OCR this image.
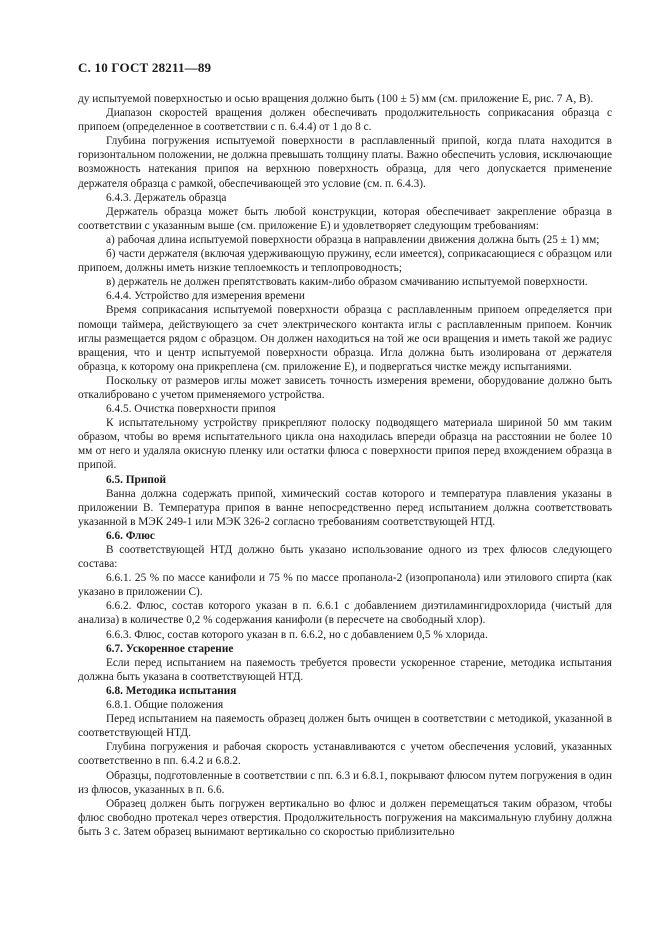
С. 10 ГОСТ 28211—89

ду испытуемой поверхностью и осью вращения должно быть (100 ± 5) мм (см. приложение Е, рис. 7 А, В).

Диапазон скоростей вращения должен обеспечивать продолжительность соприкасания образца с припоем (определенное в соответствии с п. 6.4.4) от 1 до 8 с.

Глубина погружения испытуемой поверхности в расплавленный припой, когда плата находится в горизонтальном положении, не должна превышать толщину платы. Важно обеспечить условия, исключающие возможность натекания припоя на верхнюю поверхность образца, для чего допускается применение держателя образца с рамкой, обеспечивающей это условие (см. п. 6.4.3).

6.4.3. Держатель образца

Держатель образца может быть любой конструкции, которая обеспечивает закрепление образца в соответствии с указанным выше (см. приложение Е) и удовлетворяет следующим требованиям:

а) рабочая длина испытуемой поверхности образца в направлении движения должна быть (25 ± 1) мм;

б) части держателя (включая удерживающую пружину, если имеется), соприкасающиеся с образцом или припоем, должны иметь низкие теплоемкость и теплопроводность;

в) держатель не должен препятствовать каким-либо образом смачиванию испытуемой поверхности.

6.4.4. Устройство для измерения времени

Время соприкасания испытуемой поверхности образца с расплавленным припоем определяется при помощи таймера, действующего за счет электрического контакта иглы с расплавленным припоем. Кончик иглы размещается рядом с образцом. Он должен находиться на той же оси вращения и иметь такой же радиус вращения, что и центр испытуемой поверхности образца. Игла должна быть изолирована от держателя образца, к которому она прикреплена (см. приложение Е), и подвергаться чистке между испытаниями.

Поскольку от размеров иглы может зависеть точность измерения времени, оборудование должно быть откалибровано с учетом применяемого устройства.

6.4.5. Очистка поверхности припоя

К испытательному устройству прикрепляют полоску подводящего материала шириной 50 мм таким образом, чтобы во время испытательного цикла она находилась впереди образца на расстоянии не более 10 мм от него и удаляла окисную пленку или остатки флюса с поверхности припоя перед вхождением образца в припой.

6.5. Припой

Ванна должна содержать припой, химический состав которого и температура плавления указаны в приложении В. Температура припоя в ванне непосредственно перед испытанием должна соответствовать указанной в МЭК 249-1 или МЭК 326-2 согласно требованиям соответствующей НТД.

6.6. Флюс

В соответствующей НТД должно быть указано использование одного из трех флюсов следующего состава:

6.6.1. 25 % по массе канифоли и 75 % по массе пропанола-2 (изопропанола) или этилового спирта (как указано в приложении С).

6.6.2. Флюс, состав которого указан в п. 6.6.1 с добавлением диэтиламингидрохлорида (чистый для анализа) в количестве 0,2 % содержания канифоли (в пересчете на свободный хлор).

6.6.3. Флюс, состав которого указан в п. 6.6.2, но с добавлением 0,5 % хлорида.

6.7. Ускоренное старение

Если перед испытанием на паяемость требуется провести ускоренное старение, методика испытания должна быть указана в соответствующей НТД.

6.8. Методика испытания

6.8.1. Общие положения

Перед испытанием на паяемость образец должен быть очищен в соответствии с методикой, указанной в соответствующей НТД.

Глубина погружения и рабочая скорость устанавливаются с учетом обеспечения условий, указанных соответственно в пп. 6.4.2 и 6.8.2.

Образцы, подготовленные в соответствии с пп. 6.3 и 6.8.1, покрывают флюсом путем погружения в один из флюсов, указанных в п. 6.6.

Образец должен быть погружен вертикально во флюс и должен перемещаться таким образом, чтобы флюс свободно протекал через отверстия. Продолжительность погружения на максимальную глубину должна быть 3 с. Затем образец вынимают вертикально со скоростью приблизительно
